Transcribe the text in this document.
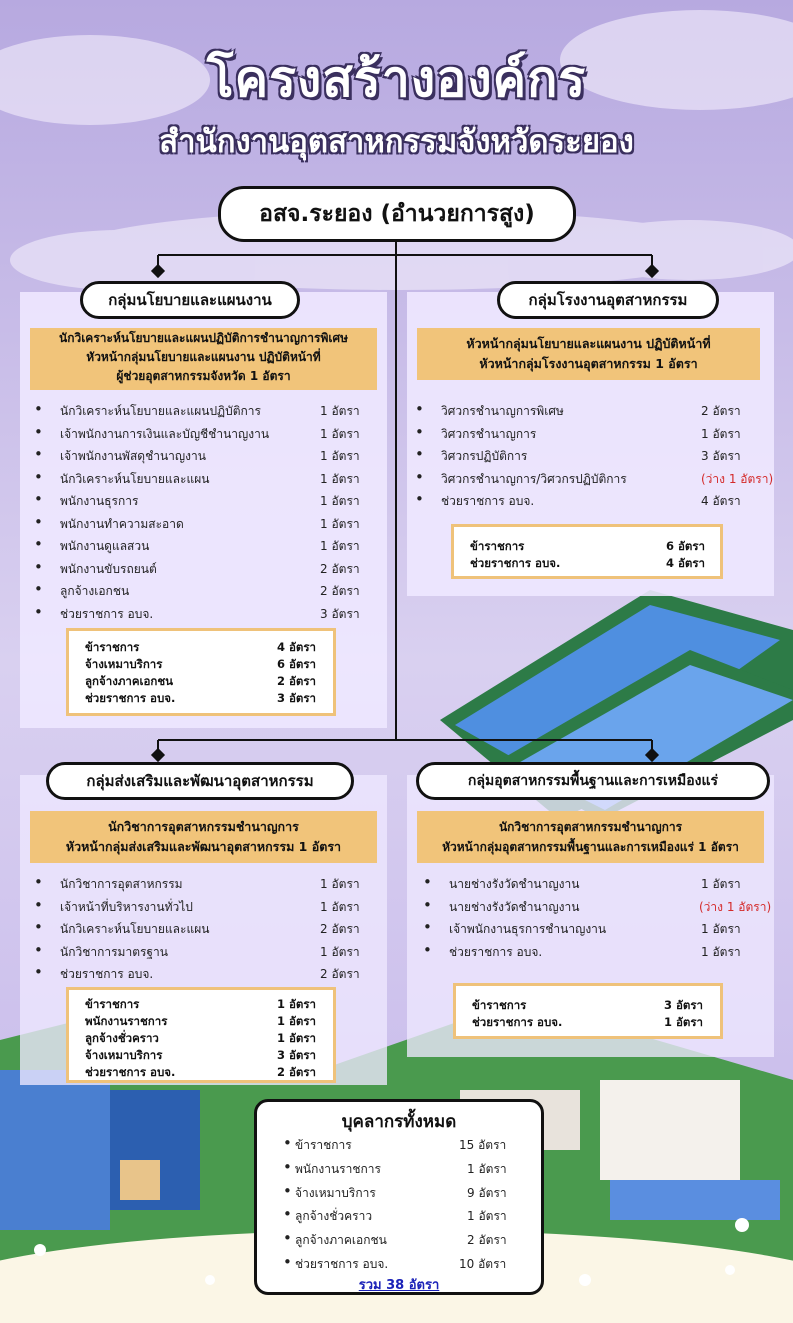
โครงสร้างองค์กร
สำนักงานอุตสาหกรรมจังหวัดระยอง
อสจ.ระยอง (อำนวยการสูง)
นักวิเคราะห์นโยบายและแผนปฏิบัติการชำนาญการพิเศษ
หัวหน้ากลุ่มนโยบายและแผนงาน ปฏิบัติหน้าที่
ผู้ช่วยอุตสาหกรรมจังหวัด 1 อัตรา
• นักวิเคราะห์นโยบายและแผนปฏิบัติการ	1 อัตรา
• เจ้าพนักงานการเงินและบัญชีชำนาญงาน	1 อัตรา
• เจ้าพนักงานพัสดุชำนาญงาน	1 อัตรา
• นักวิเคราะห์นโยบายและแผน	1 อัตรา
• พนักงานธุรการ	1 อัตรา
• พนักงานทำความสะอาด	1 อัตรา
• พนักงานดูแลสวน	1 อัตรา
• พนักงานขับรถยนต์	2 อัตรา
• ลูกจ้างเอกชน	2 อัตรา
• ช่วยราชการ อบจ.	3 อัตรา
ข้าราชการ	4 อัตรา
จ้างเหมาบริการ	6 อัตรา
ลูกจ้างภาคเอกชน	2 อัตรา
ช่วยราชการ อบจ.	3 อัตรา
หัวหน้ากลุ่มนโยบายและแผนงาน ปฏิบัติหน้าที่
หัวหน้ากลุ่มโรงงานอุตสาหกรรม 1 อัตรา
• วิศวกรชำนาญการพิเศษ	2 อัตรา
• วิศวกรชำนาญการ	1 อัตรา
• วิศวกรปฏิบัติการ	3 อัตรา
• วิศวกรชำนาญการ/วิศวกรปฏิบัติการ	(ว่าง 1 อัตรา)
• ช่วยราชการ อบจ.	4 อัตรา
ข้าราชการ	6 อัตรา
ช่วยราชการ อบจ.	4 อัตรา
นักวิชาการอุตสาหกรรมชำนาญการ
หัวหน้ากลุ่มส่งเสริมและพัฒนาอุตสาหกรรม 1 อัตรา
• นักวิชาการอุตสาหกรรม	1 อัตรา
• เจ้าหน้าที่บริหารงานทั่วไป	1 อัตรา
• นักวิเคราะห์นโยบายและแผน	2 อัตรา
• นักวิชาการมาตรฐาน	1 อัตรา
• ช่วยราชการ อบจ.	2 อัตรา
ข้าราชการ	1 อัตรา
พนักงานราชการ	1 อัตรา
ลูกจ้างชั่วคราว	1 อัตรา
จ้างเหมาบริการ	3 อัตรา
ช่วยราชการ อบจ.	2 อัตรา
นักวิชาการอุตสาหกรรมชำนาญการ
หัวหน้ากลุ่มอุตสาหกรรมพื้นฐานและการเหมืองแร่ 1 อัตรา
• นายช่างรังวัดชำนาญงาน	1 อัตรา
• นายช่างรังวัดชำนาญงาน	(ว่าง 1 อัตรา)
• เจ้าพนักงานธุรการชำนาญงาน	1 อัตรา
• ช่วยราชการ อบจ.	1 อัตรา
ข้าราชการ	3 อัตรา
ช่วยราชการ อบจ.	1 อัตรา
กลุ่มนโยบายและแผนงาน	กลุ่มโรงงานอุตสาหกรรม
กลุ่มส่งเสริมและพัฒนาอุตสาหกรรม	กลุ่มอุตสาหกรรมพื้นฐานและการเหมืองแร่
บุคลากรทั้งหมด
• ข้าราชการ	15 อัตรา
• พนักงานราชการ	1 อัตรา
• จ้างเหมาบริการ	9 อัตรา
• ลูกจ้างชั่วคราว	1 อัตรา
• ลูกจ้างภาคเอกชน	2 อัตรา
• ช่วยราชการ อบจ.	10 อัตรา
รวม 38 อัตรา
